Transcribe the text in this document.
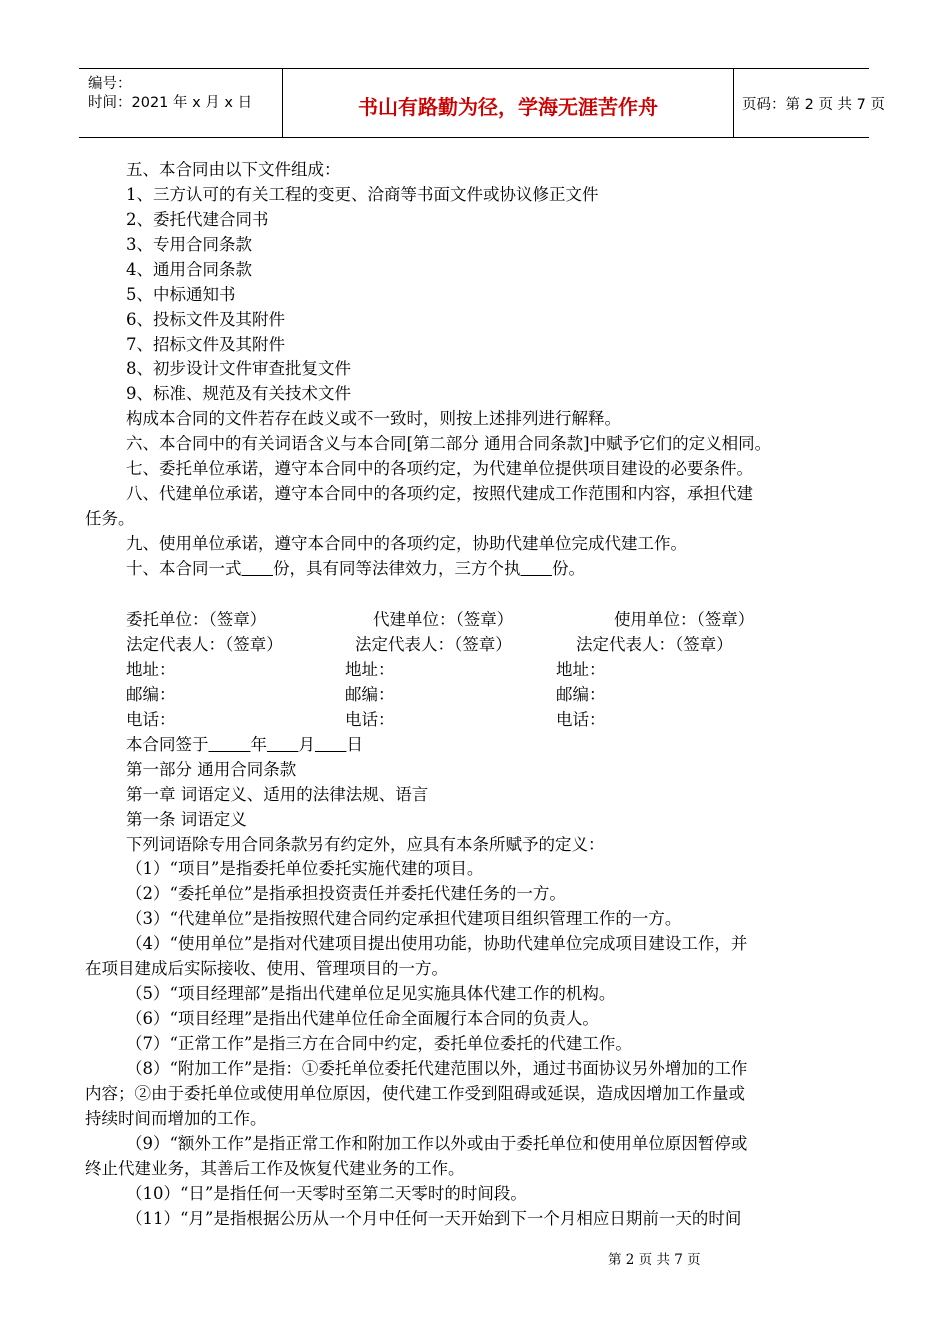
编号：
时间：2021 年 x 月 x 日	书山有路勤为径，学海无涯苦作舟	页码：第 2 页 共 7 页
五、本合同由以下文件组成：
1、三方认可的有关工程的变更、洽商等书面文件或协议修正文件
2、委托代建合同书
3、专用合同条款
4、通用合同条款
5、中标通知书
6、投标文件及其附件
7、招标文件及其附件
8、初步设计文件审查批复文件
9、标准、规范及有关技术文件
构成本合同的文件若存在歧义或不一致时，则按上述排列进行解释。
六、本合同中的有关词语含义与本合同[第二部分 通用合同条款]中赋予它们的定义相同。
七、委托单位承诺，遵守本合同中的各项约定，为代建单位提供项目建设的必要条件。
八、代建单位承诺，遵守本合同中的各项约定，按照代建成工作范围和内容，承担代建
任务。
九、使用单位承诺，遵守本合同中的各项约定，协助代建单位完成代建工作。
十、本合同一式 份，具有同等法律效力，三方个执 份。
委托单位：（签章）	代建单位：（签章）	使用单位：（签章）
法定代表人：（签章）	法定代表人：（签章）	法定代表人：（签章）
地址：	地址：	地址：
邮编：	邮编：	邮编：
电话：	电话：	电话：
本合同签于	年 月 日
第一部分 通用合同条款
第一章 词语定义、适用的法律法规、语言
第一条 词语定义
下列词语除专用合同条款另有约定外，应具有本条所赋予的定义：
（1）“项目”是指委托单位委托实施代建的项目。
（2）“委托单位”是指承担投资责任并委托代建任务的一方。
（3）“代建单位”是指按照代建合同约定承担代建项目组织管理工作的一方。
（4）“使用单位”是指对代建项目提出使用功能，协助代建单位完成项目建设工作，并
在项目建成后实际接收、使用、管理项目的一方。
（5）“项目经理部”是指出代建单位足见实施具体代建工作的机构。
（6）“项目经理”是指出代建单位任命全面履行本合同的负责人。
（7）“正常工作”是指三方在合同中约定，委托单位委托的代建工作。
（8）“附加工作”是指：①委托单位委托代建范围以外，通过书面协议另外增加的工作
内容；②由于委托单位或使用单位原因，使代建工作受到阻碍或延误，造成因增加工作量或
持续时间而增加的工作。
（9）“额外工作”是指正常工作和附加工作以外或由于委托单位和使用单位原因暂停或
终止代建业务，其善后工作及恢复代建业务的工作。
（10）“日”是指任何一天零时至第二天零时的时间段。
（11）“月”是指根据公历从一个月中任何一天开始到下一个月相应日期前一天的时间
第 2 页 共 7 页
